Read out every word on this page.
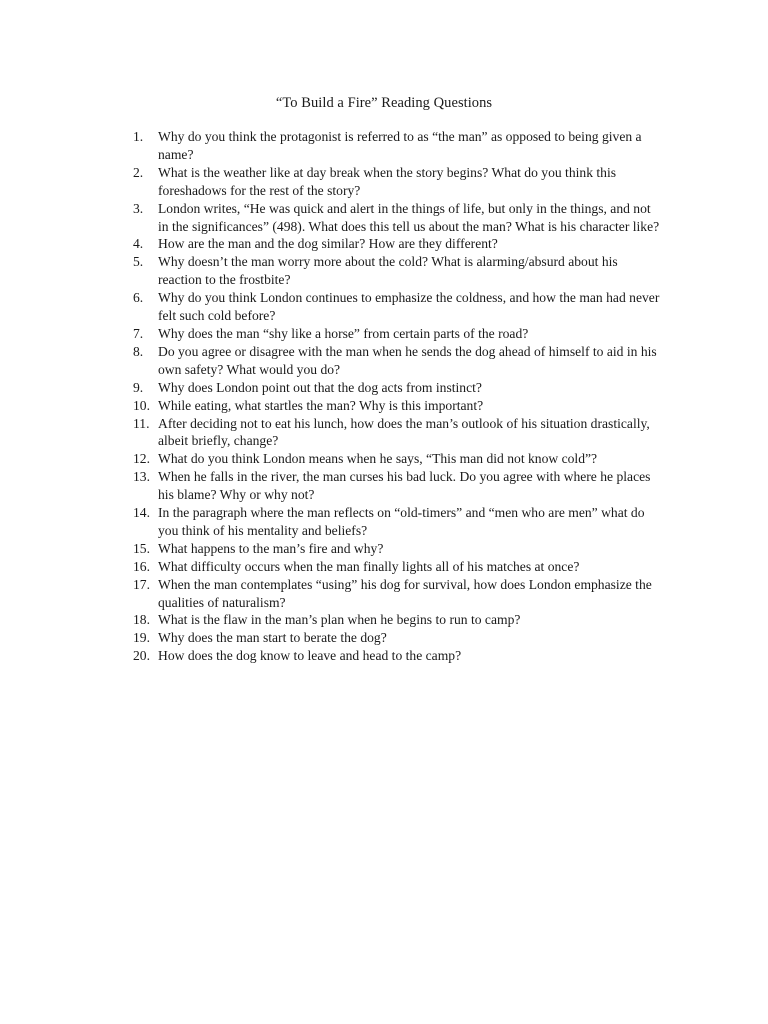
“To Build a Fire” Reading Questions
1.	Why do you think the protagonist is referred to as “the man” as opposed to being given a name?
2.	What is the weather like at day break when the story begins? What do you think this foreshadows for the rest of the story?
3.	London writes, “He was quick and alert in the things of life, but only in the things, and not in the significances” (498). What does this tell us about the man? What is his character like?
4.	How are the man and the dog similar? How are they different?
5.	Why doesn’t the man worry more about the cold? What is alarming/absurd about his reaction to the frostbite?
6.	Why do you think London continues to emphasize the coldness, and how the man had never felt such cold before?
7.	Why does the man “shy like a horse” from certain parts of the road?
8.	Do you agree or disagree with the man when he sends the dog ahead of himself to aid in his own safety? What would you do?
9.	Why does London point out that the dog acts from instinct?
10. While eating, what startles the man? Why is this important?
11. After deciding not to eat his lunch, how does the man’s outlook of his situation drastically, albeit briefly, change?
12. What do you think London means when he says, “This man did not know cold”?
13. When he falls in the river, the man curses his bad luck. Do you agree with where he places his blame? Why or why not?
14. In the paragraph where the man reflects on “old-timers” and “men who are men” what do you think of his mentality and beliefs?
15. What happens to the man’s fire and why?
16. What difficulty occurs when the man finally lights all of his matches at once?
17. When the man contemplates “using” his dog for survival, how does London emphasize the qualities of naturalism?
18. What is the flaw in the man’s plan when he begins to run to camp?
19. Why does the man start to berate the dog?
20. How does the dog know to leave and head to the camp?
